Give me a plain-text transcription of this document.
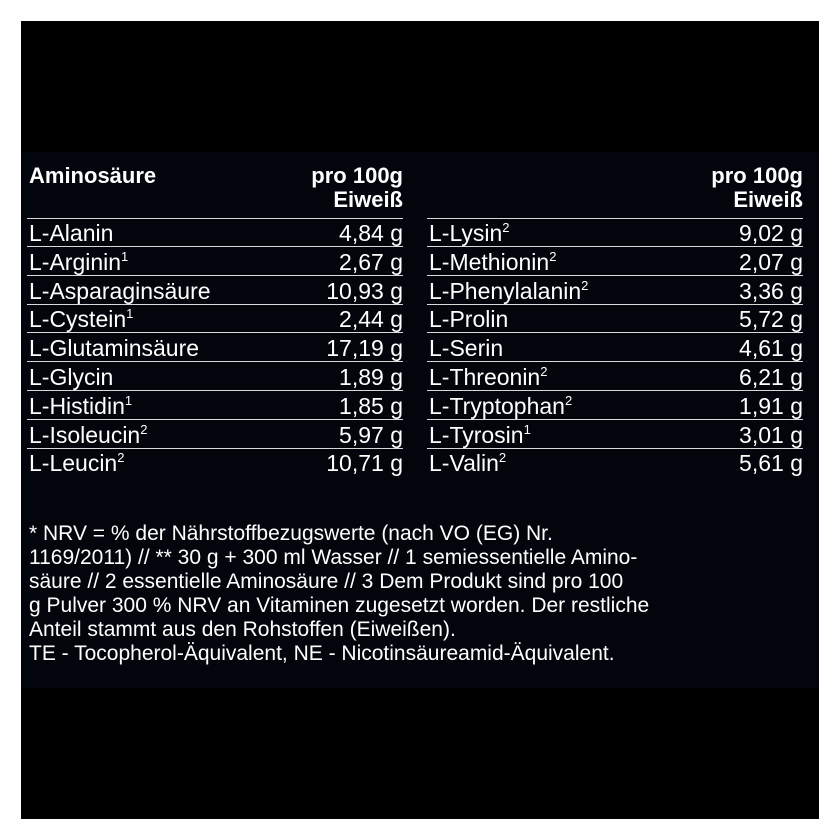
Aminosäure	pro 100g
Eiweiß
pro 100g
Eiweiß
L-Alanin	4,84 g L-Lysin$^2$	9,02 g
L-Arginin$^1$	2,67 g L-Methionin$^2$	2,07 g
L-Asparaginsäure	10,93 g L-Phenylalanin$^2$	3,36 g
L-Cystein$^1$	2,44 g L-Prolin	5,72 g
L-Glutaminsäure	17,19 g L-Serin	4,61 g
L-Glycin	1,89 g L-Threonin$^2$	6,21 g
L-Histidin$^1$	1,85 g L-Tryptophan$^2$	1,91 g
L-Isoleucin$^2$	5,97 g L-Tyrosin$^1$	3,01 g
L-Leucin$^2$	10,71 g L-Valin$^2$	5,61 g

* NRV = % der Nährstoffbezugswerte (nach VO (EG) Nr.

1169/2011) // ** 30 g + 300 ml Wasser // 1 semiessentielle Amino-

säure // 2 essentielle Aminosäure // 3 Dem Produkt sind pro 100

g Pulver 300 % NRV an Vitaminen zugesetzt worden. Der restliche

Anteil stammt aus den Rohstoffen (Eiweißen).

TE - Tocopherol-Äquivalent, NE - Nicotinsäureamid-Äquivalent.
